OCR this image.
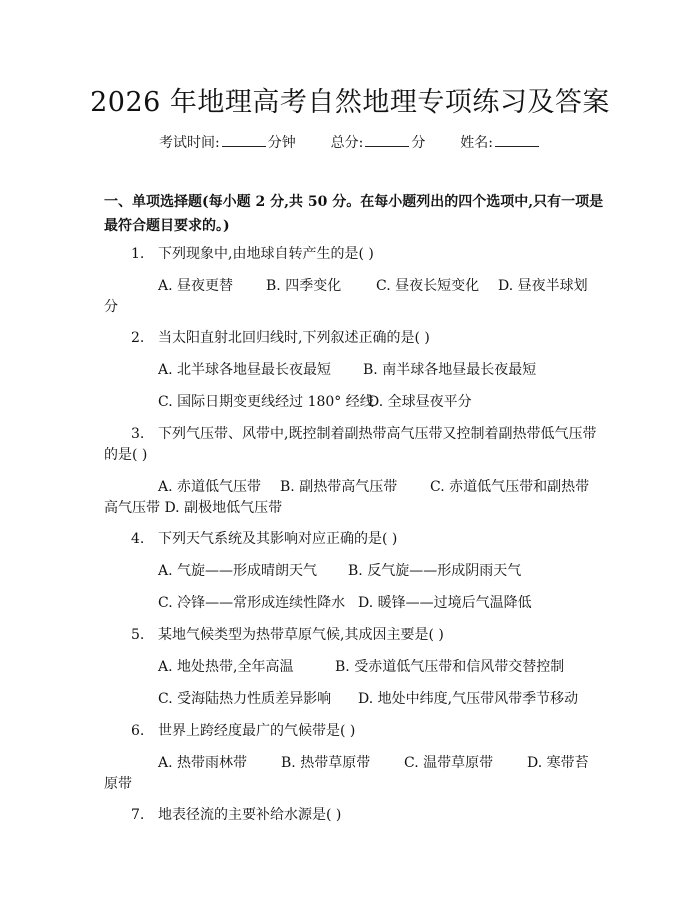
2026 年地理高考自然地理专项练习及答案
考试时间:	分钟 总分:	分 姓名:
一、单项选择题(每小题 2 分,共 50 分。在每小题列出的四个选项中,只有一项是最符合题目要求的。)
1. 下列现象中,由地球自转产生的是( )
A. 昼夜更替 B. 四季变化 C. 昼夜长短变化 D. 昼夜半球划
分
2. 当太阳直射北回归线时,下列叙述正确的是( )
A. 北半球各地昼最长夜最短 B. 南半球各地昼最长夜最短
C. 国际日期变更线经过 180° 经线D. 全球昼夜平分
3. 下列气压带、风带中,既控制着副热带高气压带又控制着副热带低气压带
的是( )
A. 赤道低气压带 B. 副热带高气压带 C. 赤道低气压带和副热带
高气压带 D. 副极地低气压带
4. 下列天气系统及其影响对应正确的是( )
A. 气旋——形成晴朗天气 B. 反气旋——形成阴雨天气
C. 冷锋——常形成连续性降水 D. 暖锋——过境后气温降低
5. 某地气候类型为热带草原气候,其成因主要是( )
A. 地处热带,全年高温	B. 受赤道低气压带和信风带交替控制
C. 受海陆热力性质差异影响 D. 地处中纬度,气压带风带季节移动
6. 世界上跨经度最广的气候带是( )
A. 热带雨林带 B. 热带草原带 C. 温带草原带 D. 寒带苔
原带
7. 地表径流的主要补给水源是( )
